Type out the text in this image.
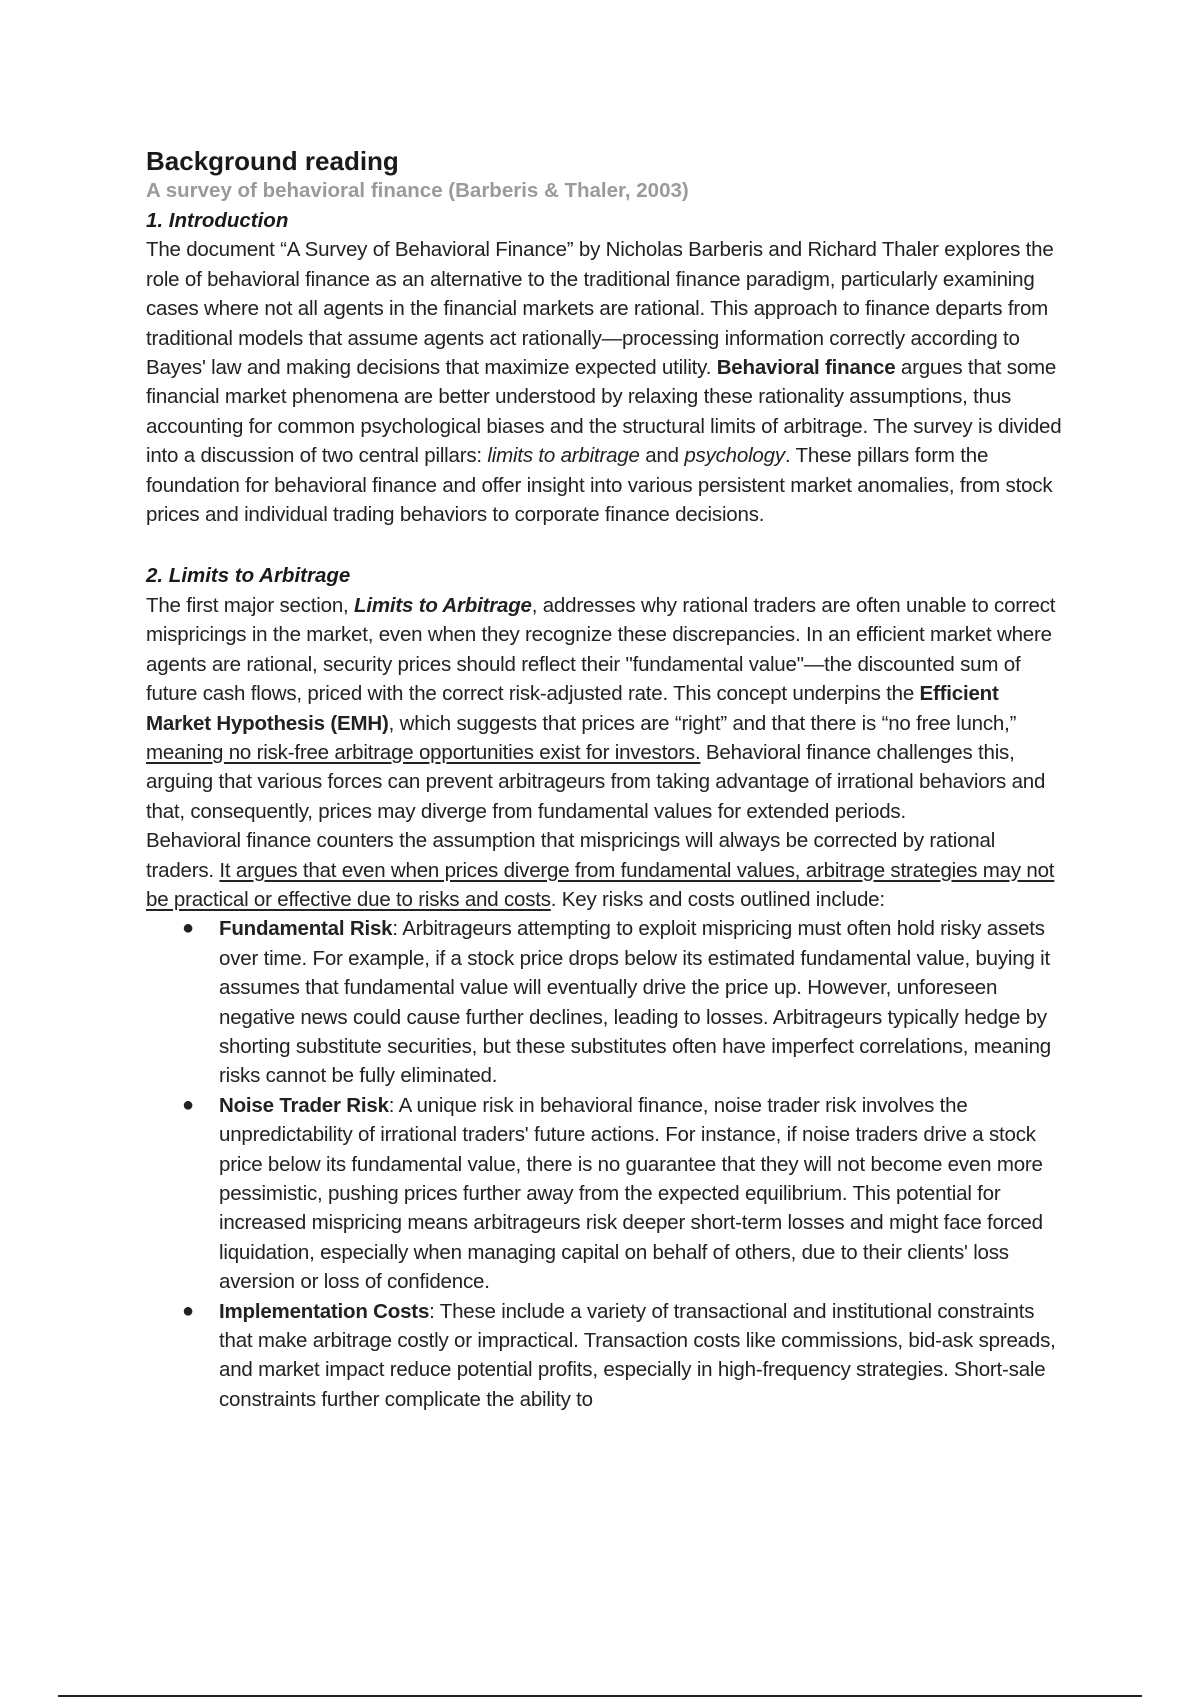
Background reading
A survey of behavioral finance (Barberis & Thaler, 2003)
1. Introduction

The document “A Survey of Behavioral Finance” by Nicholas Barberis and Richard Thaler explores the role of behavioral finance as an alternative to the traditional finance paradigm, particularly examining cases where not all agents in the financial markets are rational. This approach to finance departs from traditional models that assume agents act rationally—processing information correctly according to Bayes' law and making decisions that maximize expected utility. Behavioral finance argues that some financial market phenomena are better understood by relaxing these rationality assumptions, thus accounting for common psychological biases and the structural limits of arbitrage. The survey is divided into a discussion of two central pillars: limits to arbitrage and psychology. These pillars form the foundation for behavioral finance and offer insight into various persistent market anomalies, from stock prices and individual trading behaviors to corporate finance decisions.

2. Limits to Arbitrage

The first major section, Limits to Arbitrage, addresses why rational traders are often unable to correct mispricings in the market, even when they recognize these discrepancies. In an efficient market where agents are rational, security prices should reflect their "fundamental value"—the discounted sum of future cash flows, priced with the correct risk-adjusted rate. This concept underpins the Efficient Market Hypothesis (EMH), which suggests that prices are “right” and that there is “no free lunch,” meaning no risk-free arbitrage opportunities exist for investors. Behavioral finance challenges this, arguing that various forces can prevent arbitrageurs from taking advantage of irrational behaviors and that, consequently, prices may diverge from fundamental values for extended periods.

Behavioral finance counters the assumption that mispricings will always be corrected by rational traders. It argues that even when prices diverge from fundamental values, arbitrage strategies may not be practical or effective due to risks and costs. Key risks and costs outlined include:

● Fundamental Risk: Arbitrageurs attempting to exploit mispricing must often hold risky assets over time. For example, if a stock price drops below its estimated fundamental value, buying it assumes that fundamental value will eventually drive the price up. However, unforeseen negative news could cause further declines, leading to losses. Arbitrageurs typically hedge by shorting substitute securities, but these substitutes often have imperfect correlations, meaning risks cannot be fully eliminated.
● Noise Trader Risk: A unique risk in behavioral finance, noise trader risk involves the unpredictability of irrational traders' future actions. For instance, if noise traders drive a stock price below its fundamental value, there is no guarantee that they will not become even more pessimistic, pushing prices further away from the expected equilibrium. This potential for increased mispricing means arbitrageurs risk deeper short-term losses and might face forced liquidation, especially when managing capital on behalf of others, due to their clients' loss aversion or loss of confidence.
● Implementation Costs: These include a variety of transactional and institutional constraints that make arbitrage costly or impractical. Transaction costs like commissions, bid-ask spreads, and market impact reduce potential profits, especially in high-frequency strategies. Short-sale constraints further complicate the ability to
